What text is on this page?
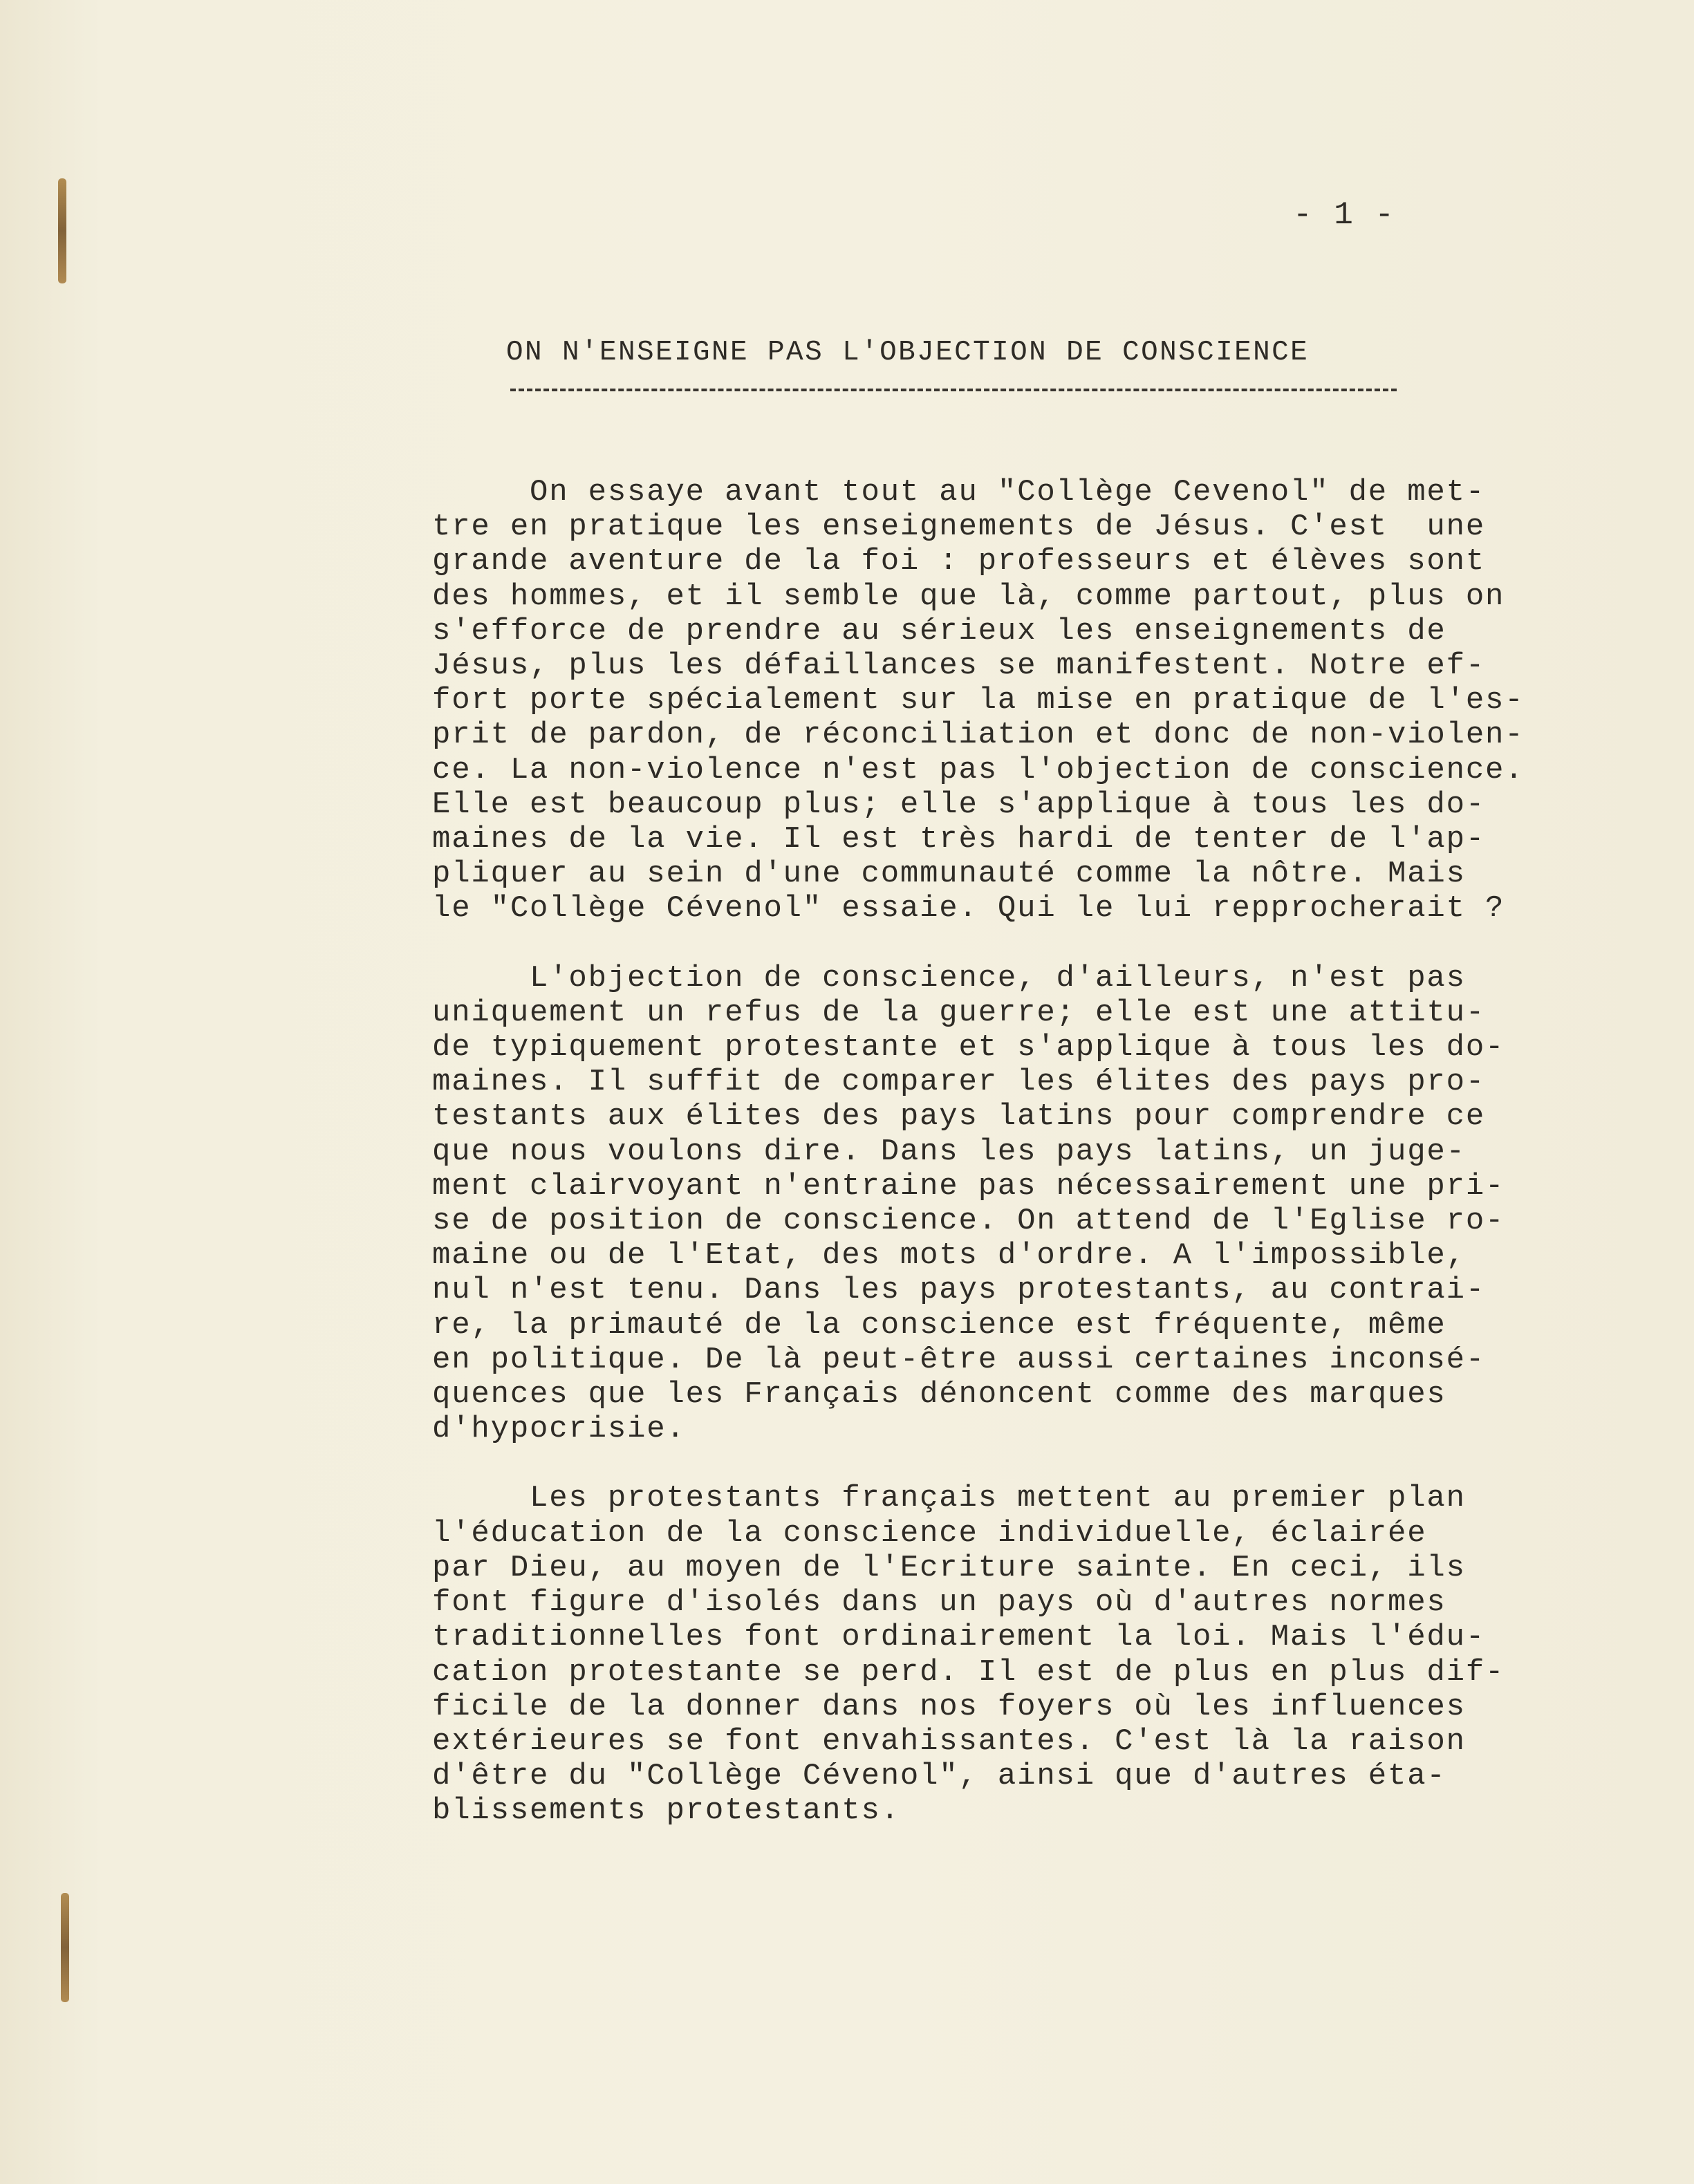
- 1 -
ON N'ENSEIGNE PAS L'OBJECTION DE CONSCIENCE

On essaye avant tout au "Collège Cevenol" de met-
tre en pratique les enseignements de Jésus. C'est  une
grande aventure de la foi : professeurs et élèves sont
des hommes, et il semble que là, comme partout, plus on
s'efforce de prendre au sérieux les enseignements de
Jésus, plus les défaillances se manifestent. Notre ef-
fort porte spécialement sur la mise en pratique de l'es-
prit de pardon, de réconciliation et donc de non-violen-
ce. La non-violence n'est pas l'objection de conscience.
Elle est beaucoup plus; elle s'applique à tous les do-
maines de la vie. Il est très hardi de tenter de l'ap-
pliquer au sein d'une communauté comme la nôtre. Mais
le "Collège Cévenol" essaie. Qui le lui repprocherait ?

L'objection de conscience, d'ailleurs, n'est pas
uniquement un refus de la guerre; elle est une attitu-
de typiquement protestante et s'applique à tous les do-
maines. Il suffit de comparer les élites des pays pro-
testants aux élites des pays latins pour comprendre ce
que nous voulons dire. Dans les pays latins, un juge-
ment clairvoyant n'entraine pas nécessairement une pri-
se de position de conscience. On attend de l'Eglise ro-
maine ou de l'Etat, des mots d'ordre. A l'impossible,
nul n'est tenu. Dans les pays protestants, au contrai-
re, la primauté de la conscience est fréquente, même
en politique. De là peut-être aussi certaines inconsé-
quences que les Français dénoncent comme des marques
d'hypocrisie.

Les protestants français mettent au premier plan
l'éducation de la conscience individuelle, éclairée
par Dieu, au moyen de l'Ecriture sainte. En ceci, ils
font figure d'isolés dans un pays où d'autres normes
traditionnelles font ordinairement la loi. Mais l'édu-
cation protestante se perd. Il est de plus en plus dif-
ficile de la donner dans nos foyers où les influences
extérieures se font envahissantes. C'est là la raison
d'être du "Collège Cévenol", ainsi que d'autres éta-
blissements protestants.
